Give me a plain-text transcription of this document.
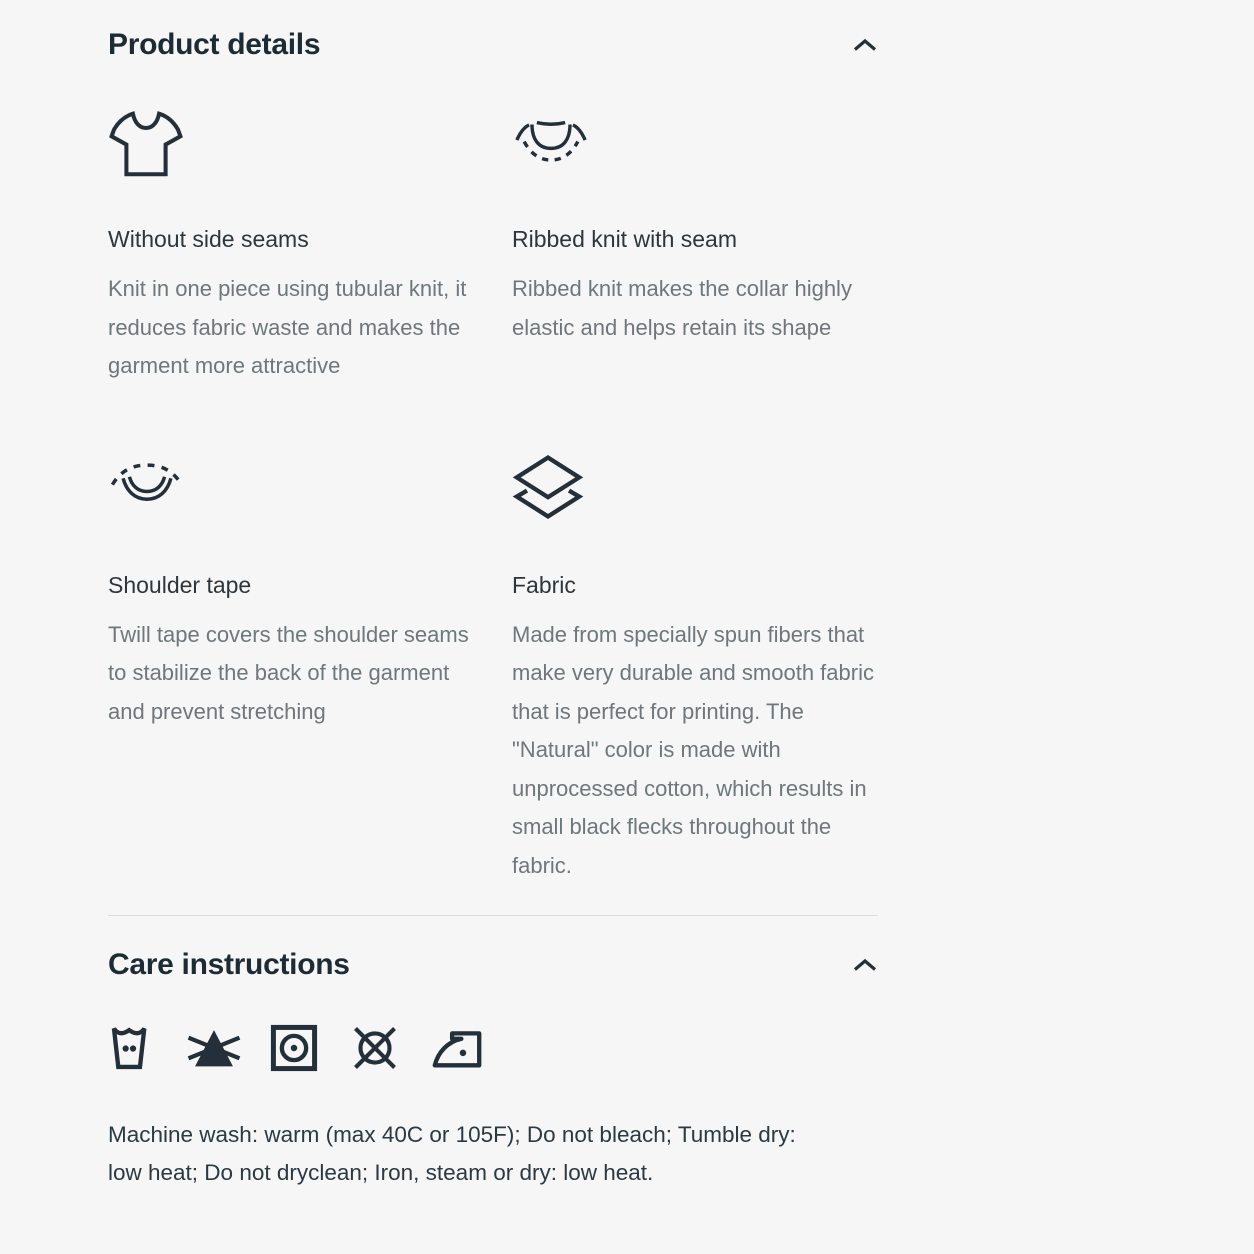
Product details
Without side seams
Knit in one piece using tubular knit, it reduces fabric waste and makes the garment more attractive
Ribbed knit with seam
Ribbed knit makes the collar highly elastic and helps retain its shape
Shoulder tape
Twill tape covers the shoulder seams to stabilize the back of the garment and prevent stretching
Fabric
Made from specially spun fibers that make very durable and smooth fabric that is perfect for printing. The "Natural" color is made with unprocessed cotton, which results in small black flecks throughout the fabric.
Care instructions
Machine wash: warm (max 40C or 105F); Do not bleach; Tumble dry: low heat; Do not dryclean; Iron, steam or dry: low heat.
